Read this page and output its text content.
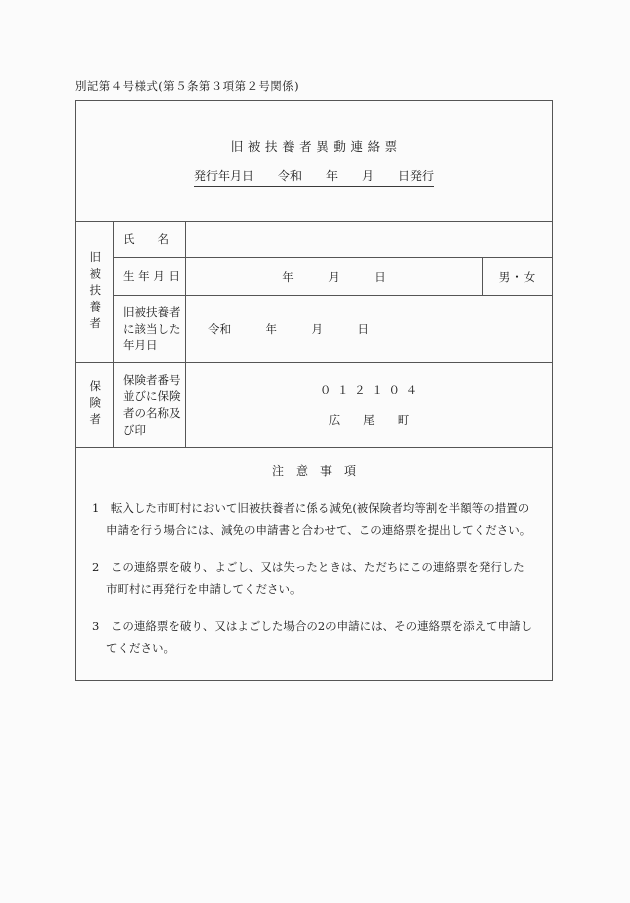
別記第４号様式(第５条第３項第２号関係)
旧被扶養者異動連絡票
発行年月日　　令和　　年　　月　　日発行
旧被扶養者
氏　　名
生 年 月 日	年　　　月　　　日	男・女
旧被扶養者に該当した年月日
令和　　　年　　　月　　　日
保険者
保険者番号並びに保険者の名称及び印
０ １ ２ １ ０ ４
広　　尾　　町
注意事項
1　転入した市町村において旧被扶養者に係る減免(被保険者均等割を半額等の措置の申請を行う場合には、減免の申請書と合わせて、この連絡票を提出してください。
2　この連絡票を破り、よごし、又は失ったときは、ただちにこの連絡票を発行した市町村に再発行を申請してください。
3　この連絡票を破り、又はよごした場合の2の申請には、その連絡票を添えて申請してください。
